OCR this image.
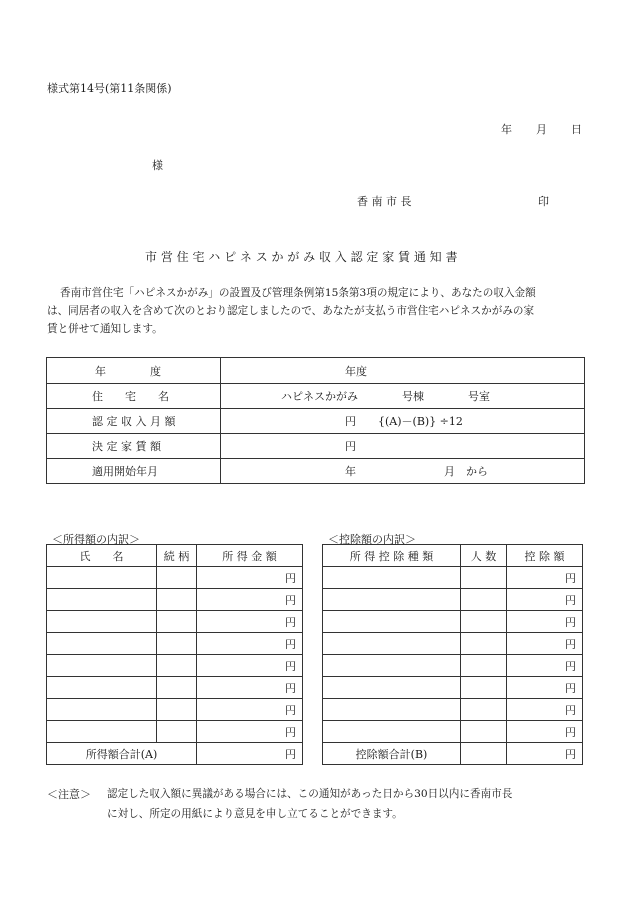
様式第14号(第11条関係)
年 月 日
様
香 南 市 長	印
市 営 住 宅 ハ ピ ネ ス か が み 収 入 認 定 家 賃 通 知 書
香南市営住宅「ハピネスかがみ」の設置及び管理条例第15条第3項の規定により、あなたの収入金額
は、同居者の収入を含めて次のとおり認定しましたので、あなたが支払う市営住宅ハピネスかがみの家
賃と併せて通知します。
年　　　　度	年度
住　　宅　　名	ハピネスかがみ　　　　号棟　　　　号室
認 定 収 入 月 額	円　　{(A)－(B)} ÷12
決 定 家 賃 額	円
適用開始年月	年　　　　　　　　月　から
＜所得額の内訳＞	＜控除額の内訳＞
氏　　名	続 柄	所 得 金 額
		円
		円
		円
		円
		円
		円
		円
		円
所得額合計(A)		円
所 得 控 除 種 類	人 数	控 除 額
		円
		円
		円
		円
		円
		円
		円
		円
控除額合計(B)		円
＜注意＞ 認定した収入額に異議がある場合には、この通知があった日から30日以内に香南市長
に対し、所定の用紙により意見を申し立てることができます。
